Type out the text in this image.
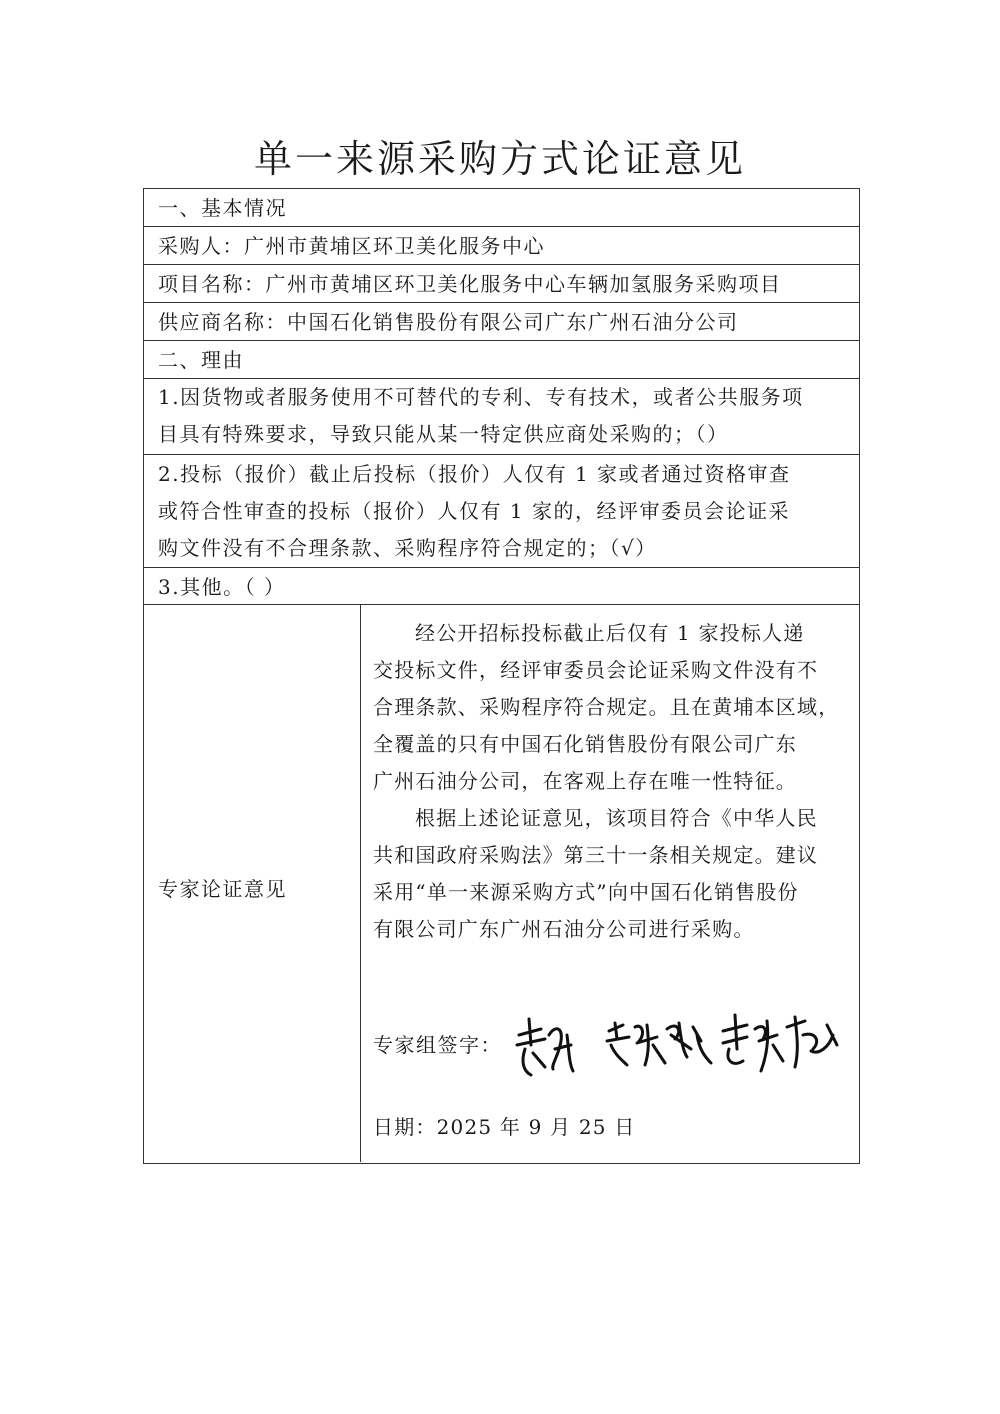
单一来源采购方式论证意见
一、基本情况
采购人：广州市黄埔区环卫美化服务中心
项目名称：广州市黄埔区环卫美化服务中心车辆加氢服务采购项目
供应商名称：中国石化销售股份有限公司广东广州石油分公司
二、理由
1.因货物或者服务使用不可替代的专利、专有技术，或者公共服务项
目具有特殊要求，导致只能从某一特定供应商处采购的；（）
2.投标（报价）截止后投标（报价）人仅有 1 家或者通过资格审查
或符合性审查的投标（报价）人仅有 1 家的，经评审委员会论证采
购文件没有不合理条款、采购程序符合规定的；（√）
3.其他。（ ）
专家论证意见
经公开招标投标截止后仅有 1 家投标人递
交投标文件，经评审委员会论证采购文件没有不
合理条款、采购程序符合规定。且在黄埔本区域，
全覆盖的只有中国石化销售股份有限公司广东
广州石油分公司，在客观上存在唯一性特征。
根据上述论证意见，该项目符合《中华人民
共和国政府采购法》第三十一条相关规定。建议
采用“单一来源采购方式”向中国石化销售股份
有限公司广东广州石油分公司进行采购。
专家组签字：
日期：2025 年 9 月 25 日
